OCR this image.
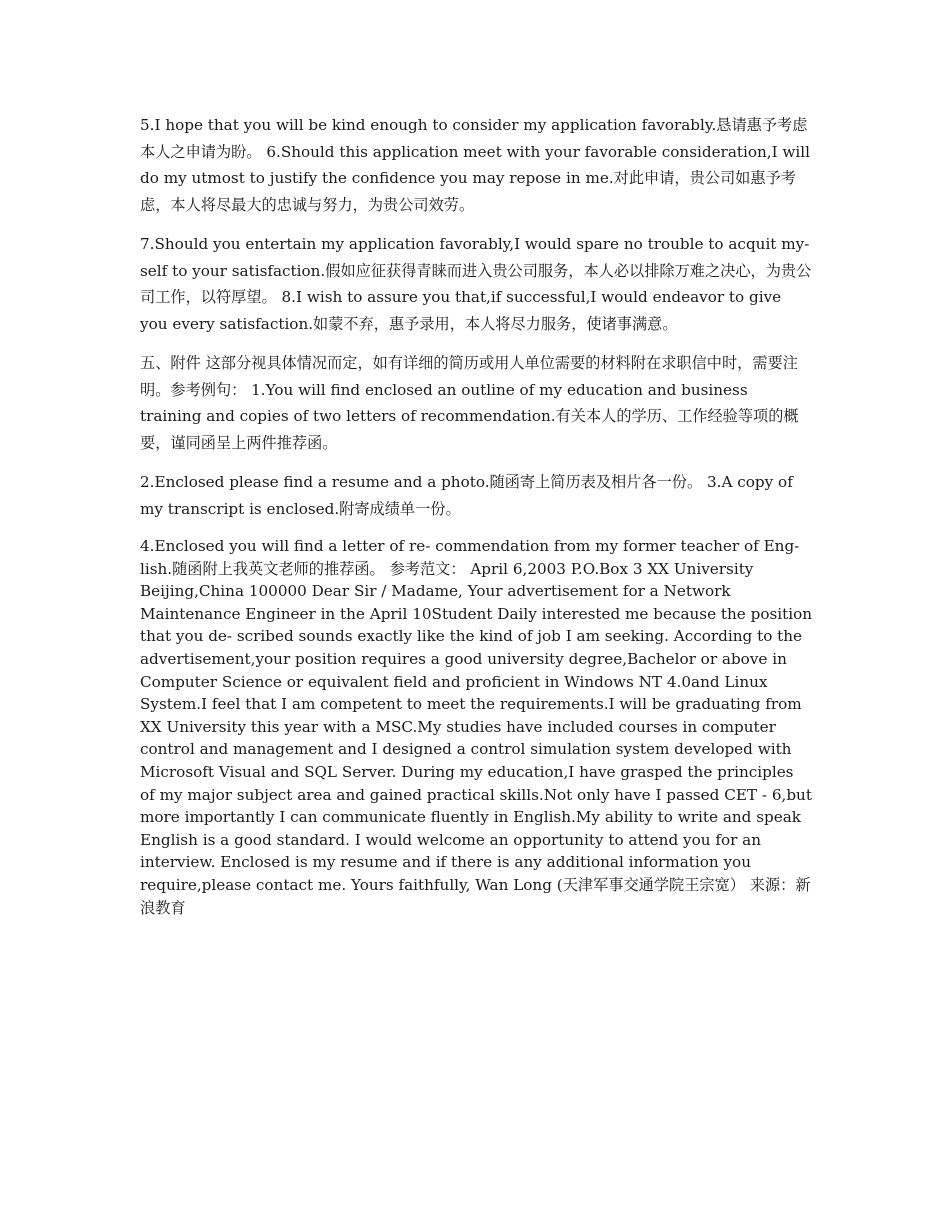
5.I hope that you will be kind enough to consider my application favorably.恳请惠予考虑本人之申请为盼。 6.Should this application meet with your favorable consideration,I will do my utmost to justify the confidence you may repose in me.对此申请，贵公司如惠予考虑，本人将尽最大的忠诚与努力，为贵公司效劳。

7.Should you entertain my application favorably,I would spare no trouble to acquit my- self to your satisfaction.假如应征获得青睐而进入贵公司服务，本人必以排除万难之决心，为贵公司工作，以符厚望。 8.I wish to assure you that,if successful,I would endeavor to give you every satisfaction.如蒙不弃，惠予录用，本人将尽力服务，使诸事满意。

五、附件 这部分视具体情况而定，如有详细的简历或用人单位需要的材料附在求职信中时，需要注明。参考例句： 1.You will find enclosed an outline of my education and business training and copies of two letters of recommendation.有关本人的学历、工作经验等项的概要，谨同函呈上两件推荐函。

2.Enclosed please find a resume and a photo.随函寄上简历表及相片各一份。 3.A copy of my transcript is enclosed.附寄成绩单一份。

4.Enclosed you will find a letter of re- commendation from my former teacher of Eng- lish.随函附上我英文老师的推荐函。 参考范文： April 6,2003 P.O.Box 3 XX University Beijing,China 100000 Dear Sir / Madame, Your advertisement for a Network Maintenance Engineer in the April 10Student Daily interested me because the position that you de- scribed sounds exactly like the kind of job I am seeking. According to the advertisement,your position requires a good university degree,Bachelor or above in Computer Science or equivalent field and proficient in Windows NT 4.0and Linux System.I feel that I am competent to meet the requirements.I will be graduating from XX University this year with a MSC.My studies have included courses in computer control and management and I designed a control simulation system developed with Microsoft Visual and SQL Server. During my education,I have grasped the principles of my major subject area and gained practical skills.Not only have I passed CET - 6,but more importantly I can communicate fluently in English.My ability to write and speak English is a good standard. I would welcome an opportunity to attend you for an interview. Enclosed is my resume and if there is any additional information you require,please contact me. Yours faithfully, Wan Long (天津军事交通学院王宗宽） 来源：新浪教育
